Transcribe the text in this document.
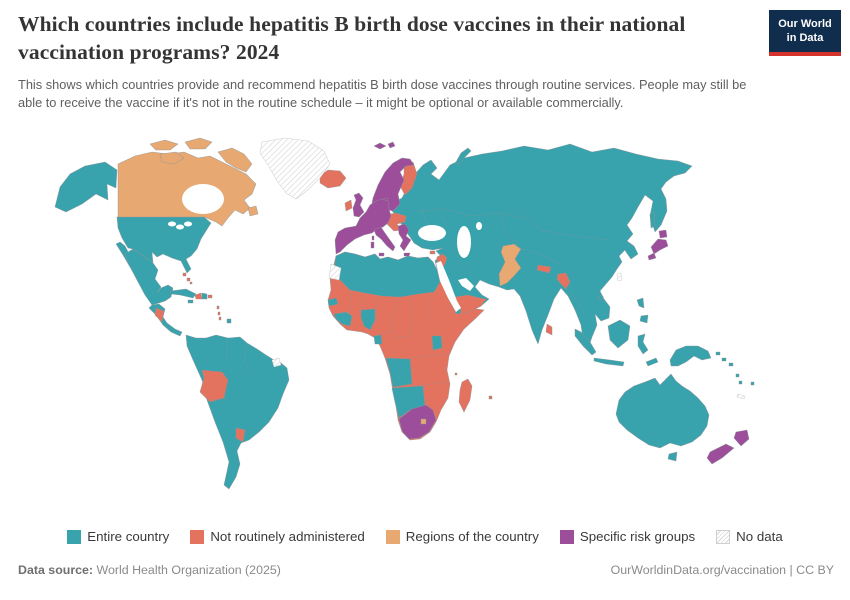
Which countries include hepatitis B birth dose vaccines in their national vaccination programs? 2024
This shows which countries provide and recommend hepatitis B birth dose vaccines through routine services. People may still be able to receive the vaccine if it's not in the routine schedule – it might be optional or available commercially.
Our World
in Data
Entire country	Not routinely administered	Regions of the country	Specific risk groups	No data
Data source: World Health Organization (2025)	OurWorldinData.org/vaccination | CC BY
